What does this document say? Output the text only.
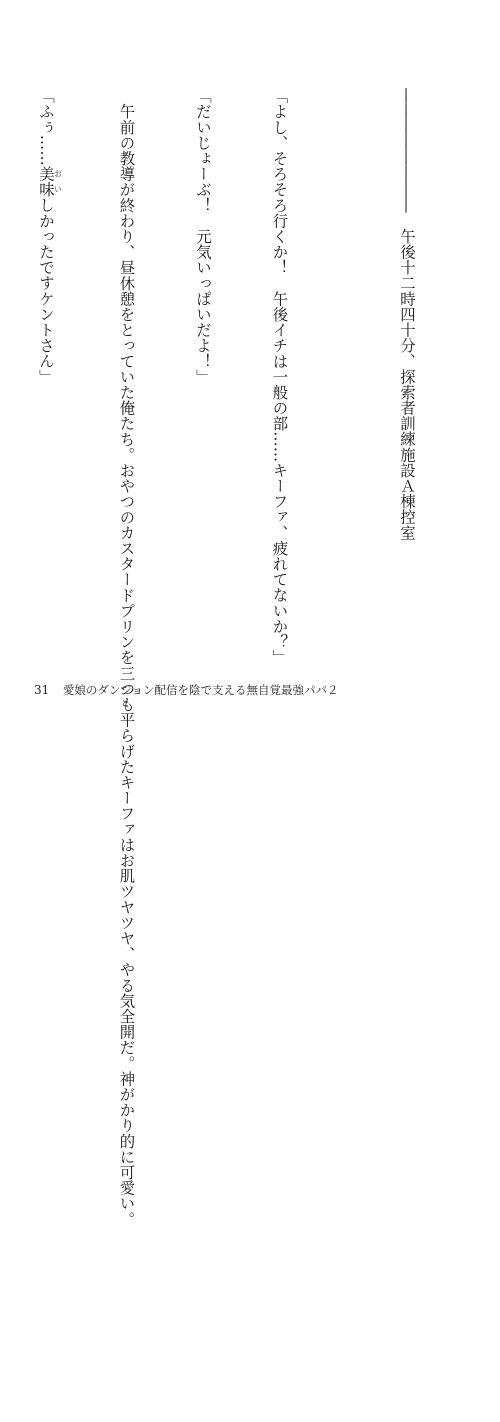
――――――――　午後十二時四十分、探索者訓練施設Ａ棟控室

「よし、そろそろ行くか！　午後イチは一般の部……キーファ、疲れてないか？」

「だいじょーぶ！　元気いっぱいだよ！」

　午前の教導が終わり、昼休憩をとっていた俺たち。おやつのカスタードプリンを三つも平らげたキーファはお肌ツヤツヤ、やる気全開だ。神がかり的に可愛い。

「ふぅ……美味おいしかったですケントさん」

31 愛娘のダンジョン配信を陰で支える無自覚最強パパ２
